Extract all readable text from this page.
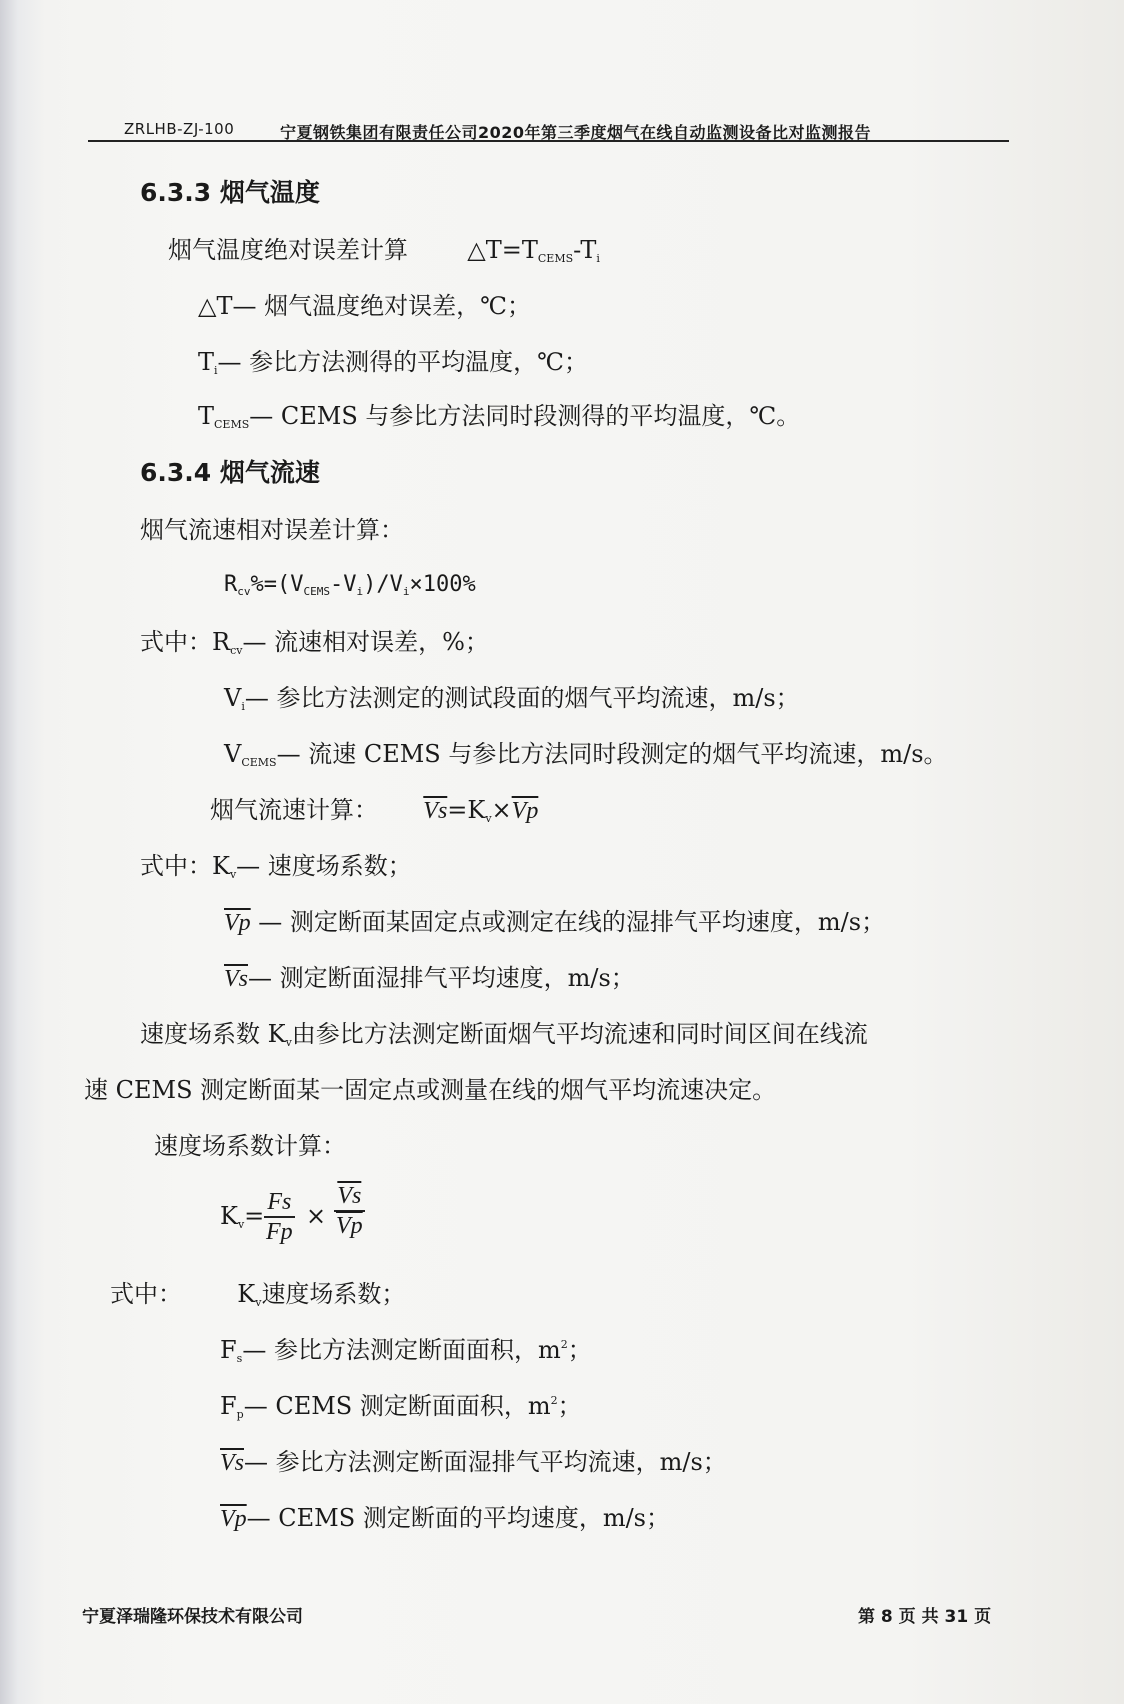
ZRLHB-ZJ-100	宁夏钢铁集团有限责任公司2020年第三季度烟气在线自动监测设备比对监测报告
6.3.3 烟气温度
烟气温度绝对误差计算 $\triangle T=T_{CEMS}-T_i$
△T— 烟气温度绝对误差，℃；
$T_i—$ 参比方法测得的平均温度，℃；
$T_{CEMS}—$ CEMS 与参比方法同时段测得的平均温度，℃。
6.3.4 烟气流速
烟气流速相对误差计算：
$R_{cv}\%=(V_{CEMS}-V_i)/V_i\times 100\%$
式中：$R_{cv}—$ 流速相对误差，%；
$V_i—$ 参比方法测定的测试段面的烟气平均流速，m/s；
$V_{CEMS}—$ 流速 CEMS 与参比方法同时段测定的烟气平均流速，m/s。
烟气流速计算： $\overline{Vs}=K_v\times\overline{Vp}$
式中：$K_v—$ 速度场系数；
$\overline{Vp}$ — 测定断面某固定点或测定在线的湿排气平均速度，m/s；
$\overline{Vs}—$ 测定断面湿排气平均速度，m/s；
速度场系数 $K_v$由参比方法测定断面烟气平均流速和同时间区间在线流
速 CEMS 测定断面某一固定点或测量在线的烟气平均流速决定。
速度场系数计算：
$K_v= \frac{Fs}{Fp} \times \frac{\overline{Vs}}{Vp}$
式中： $K_v$速度场系数；
$F_s—$ 参比方法测定断面面积，$m^2$；
$F_p—$ CEMS 测定断面面积，$m^2$；
$\overline{Vs}—$ 参比方法测定断面湿排气平均流速，m/s；
$\overline{Vp}—$ CEMS 测定断面的平均速度，m/s；
宁夏泽瑞隆环保技术有限公司	第 8 页 共 31 页
